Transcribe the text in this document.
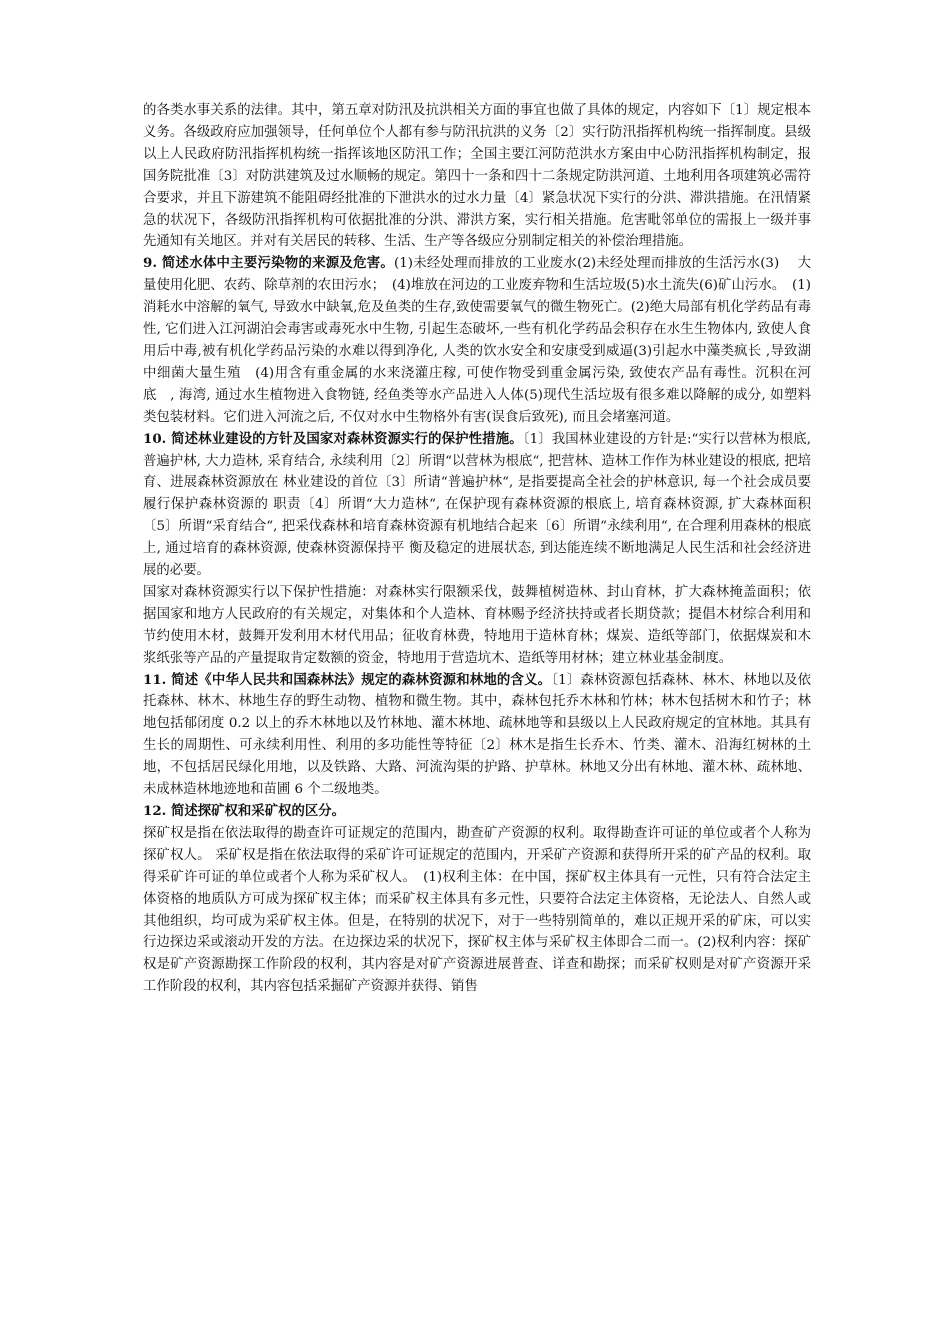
的各类水事关系的法律。其中，第五章对防汛及抗洪相关方面的事宜也做了具体的规定，内容如下〔1〕规定根本义务。各级政府应加强领导，任何单位个人都有参与防汛抗洪的义务〔2〕实行防汛指挥机构统一指挥制度。县级以上人民政府防汛指挥机构统一指挥该地区防汛工作；全国主要江河防范洪水方案由中心防汛指挥机构制定，报国务院批准〔3〕对防洪建筑及过水顺畅的规定。第四十一条和四十二条规定防洪河道、土地利用各项建筑必需符合要求，并且下游建筑不能阻碍经批准的下泄洪水的过水力量〔4〕紧急状况下实行的分洪、滞洪措施。在汛情紧急的状况下，各级防汛指挥机构可依据批准的分洪、滞洪方案，实行相关措施。危害毗邻单位的需报上一级并事先通知有关地区。并对有关居民的转移、生活、生产等各级应分别制定相关的补偿治理措施。

9. 简述水体中主要污染物的来源及危害。(1)未经处理而排放的工业废水(2)未经处理而排放的生活污水(3)　 大量使用化肥、农药、除草剂的农田污水；　(4)堆放在河边的工业废弃物和生活垃圾(5)水土流失(6)矿山污水。　(1)消耗水中溶解的氧气, 导致水中缺氧,危及鱼类的生存,致使需要氧气的微生物死亡。(2)绝大局部有机化学药品有毒性, 它们进入江河湖泊会毒害或毒死水中生物, 引起生态破坏,一些有机化学药品会积存在水生生物体内, 致使人食用后中毒,被有机化学药品污染的水难以得到净化, 人类的饮水安全和安康受到威逼(3)引起水中藻类疯长 ,导致湖中细菌大量生殖　(4)用含有重金属的水来浇灌庄稼, 可使作物受到重金属污染, 致使农产品有毒性。沉积在河底　, 海湾, 通过水生植物进入食物链, 经鱼类等水产品进入人体(5)现代生活垃圾有很多难以降解的成分, 如塑料类包装材料。它们进入河流之后, 不仅对水中生物格外有害(误食后致死), 而且会堵塞河道。

10. 简述林业建设的方针及国家对森林资源实行的保护性措施。〔1〕我国林业建设的方针是:“实行以营林为根底, 普遍护林, 大力造林, 采育结合, 永续利用〔2〕所谓“以营林为根底“, 把营林、造林工作作为林业建设的根底, 把培育、进展森林资源放在 林业建设的首位〔3〕所请“普遍护林“, 是指要提高全社会的护林意识, 每一个社会成员要履行保护森林资源的 职责〔4〕所谓“大力造林“, 在保护现有森林资源的根底上, 培育森林资源, 扩大森林面积〔5〕所谓“采育结合“, 把采伐森林和培育森林资源有机地结合起来〔6〕所谓“永续利用“, 在合理利用森林的根底上, 通过培育的森林资源, 使森林资源保持平 衡及稳定的进展状态, 到达能连续不断地满足人民生活和社会经济进展的必要。

国家对森林资源实行以下保护性措施：对森林实行限额采伐，鼓舞植树造林、封山育林，扩大森林掩盖面积；依据国家和地方人民政府的有关规定，对集体和个人造林、育林赐予经济扶持或者长期贷款；提倡木材综合利用和节约使用木材，鼓舞开发利用木材代用品；征收育林费，特地用于造林育林；煤炭、造纸等部门，依据煤炭和木浆纸张等产品的产量提取肯定数额的资金，特地用于营造坑木、造纸等用材林；建立林业基金制度。

11. 简述《中华人民共和国森林法》规定的森林资源和林地的含义。〔1〕森林资源包括森林、林木、林地以及依托森林、林木、林地生存的野生动物、植物和微生物。其中，森林包托乔木林和竹林；林木包括树木和竹子；林地包括郁闭度 0.2 以上的乔木林地以及竹林地、灌木林地、疏林地等和县级以上人民政府规定的宜林地。其具有生长的周期性、可永续利用性、利用的多功能性等特征〔2〕林木是指生长乔木、竹类、灌木、沿海红树林的土地，不包括居民绿化用地，以及铁路、大路、河流沟渠的护路、护草林。林地又分出有林地、灌木林、疏林地、未成林造林地迹地和苗圃 6 个二级地类。

12. 简述探矿权和采矿权的区分。

探矿权是指在依法取得的勘查许可证规定的范围内，勘查矿产资源的权利。取得勘查许可证的单位或者个人称为探矿权人。 采矿权是指在依法取得的采矿许可证规定的范围内，开采矿产资源和获得所开采的矿产品的权利。取得采矿许可证的单位或者个人称为采矿权人。　(1)权利主体：在中国，探矿权主体具有一元性，只有符合法定主体资格的地质队方可成为探矿权主体；而采矿权主体具有多元性，只要符合法定主体资格，无论法人、自然人或其他组织，均可成为采矿权主体。但是，在特别的状况下，对于一些特别简单的，难以正规开采的矿床，可以实行边探边采或滚动开发的方法。在边探边采的状况下，探矿权主体与采矿权主体即合二而一。(2)权利内容：探矿权是矿产资源勘探工作阶段的权利，其内容是对矿产资源进展普查、详查和勘探；而采矿权则是对矿产资源开采工作阶段的权利，其内容包括采掘矿产资源并获得、销售
